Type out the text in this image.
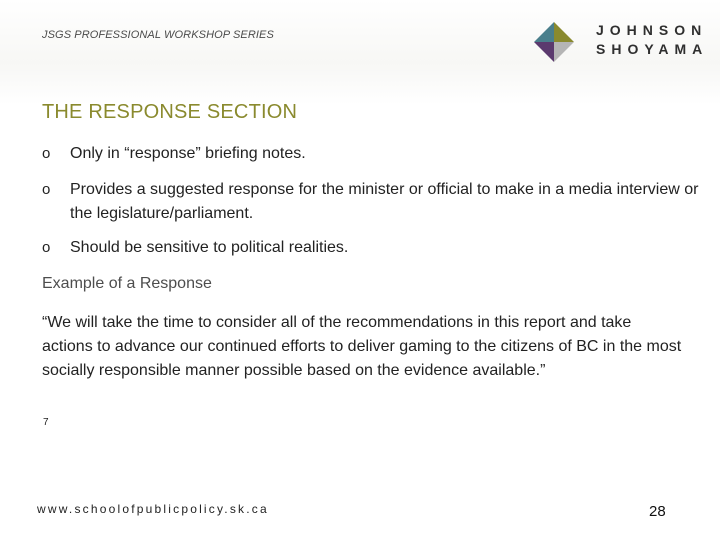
JSGS PROFESSIONAL WORKSHOP SERIES	JOHNSON
SHOYAMA
THE RESPONSE SECTION
o Only in “response” briefing notes.
o Provides a suggested response for the minister or official to make in a media interview or the legislature/parliament.
o Should be sensitive to political realities.
Example of a Response
“We will take the time to consider all of the recommendations in this report and take actions to advance our continued efforts to deliver gaming to the citizens of BC in the most socially responsible manner possible based on the evidence available.”
7
www.schoolofpublicpolicy.sk.ca	28
